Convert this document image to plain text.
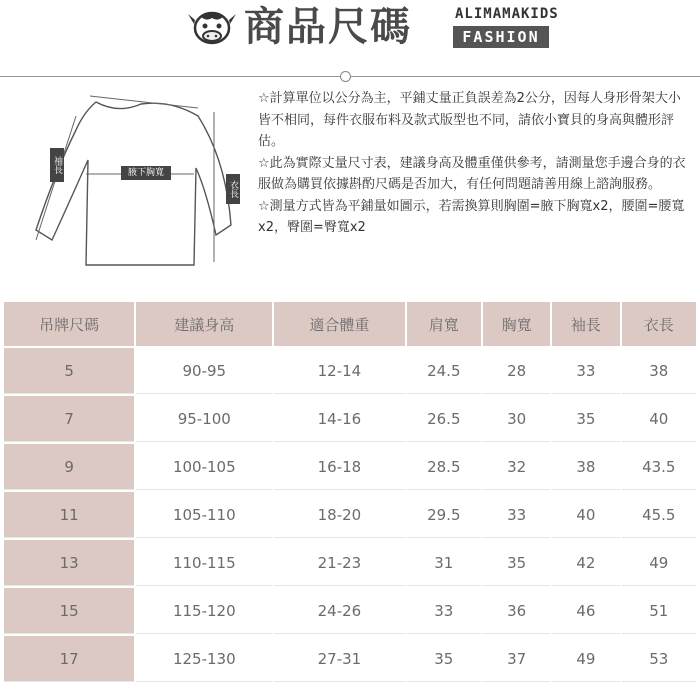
商品尺碼	ALIMAMAKIDS
FASHION
腋下胸寬
衣長
袖長

☆計算單位以公分為主，平鋪丈量正負誤差為2公分，因每人身形骨架大小皆不相同，每件衣服布料及款式版型也不同，請依小寶貝的身高與體形評估。

☆此為實際丈量尺寸表，建議身高及體重僅供參考，請測量您手邊合身的衣服做為購買依據斟酌尺碼是否加大，有任何問題請善用線上諮詢服務。

☆測量方式皆為平鋪量如圖示，若需換算則胸圍=腋下胸寬x2，腰圍=腰寬x2，臀圍=臀寬x2

吊牌尺碼	建議身高	適合體重	肩寬	胸寬	袖長	衣長
5	90-95	12-14	24.5	28	33	38
7	95-100	14-16	26.5	30	35	40
9	100-105	16-18	28.5	32	38	43.5
11	105-110	18-20	29.5	33	40	45.5
13	110-115	21-23	31	35	42	49
15	115-120	24-26	33	36	46	51
17	125-130	27-31	35	37	49	53
